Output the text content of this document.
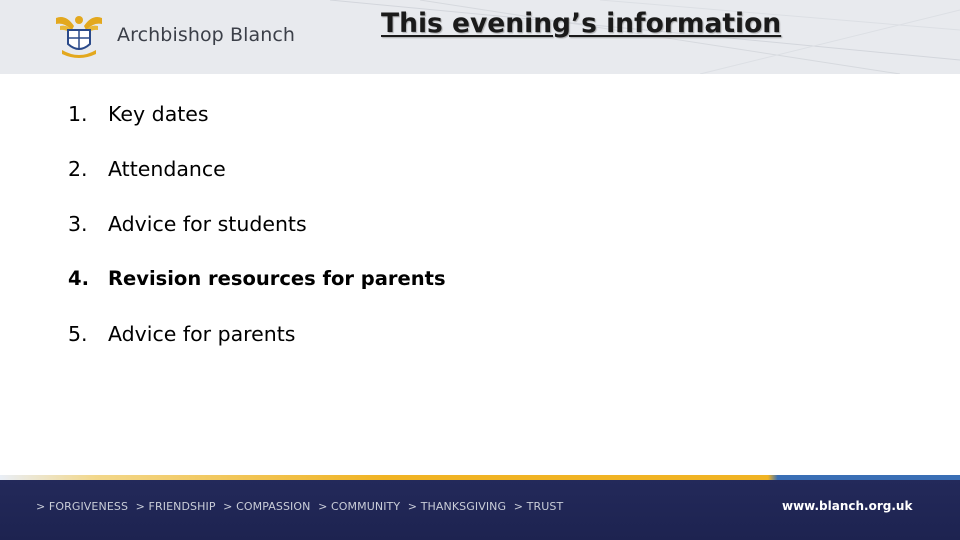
Archbishop Blanch	This evening’s information
1. Key dates
2. Attendance
3. Advice for students
4. Revision resources for parents
5. Advice for parents
> FORGIVENESS > FRIENDSHIP > COMPASSION > COMMUNITY > THANKSGIVING > TRUST	www.blanch.org.uk
